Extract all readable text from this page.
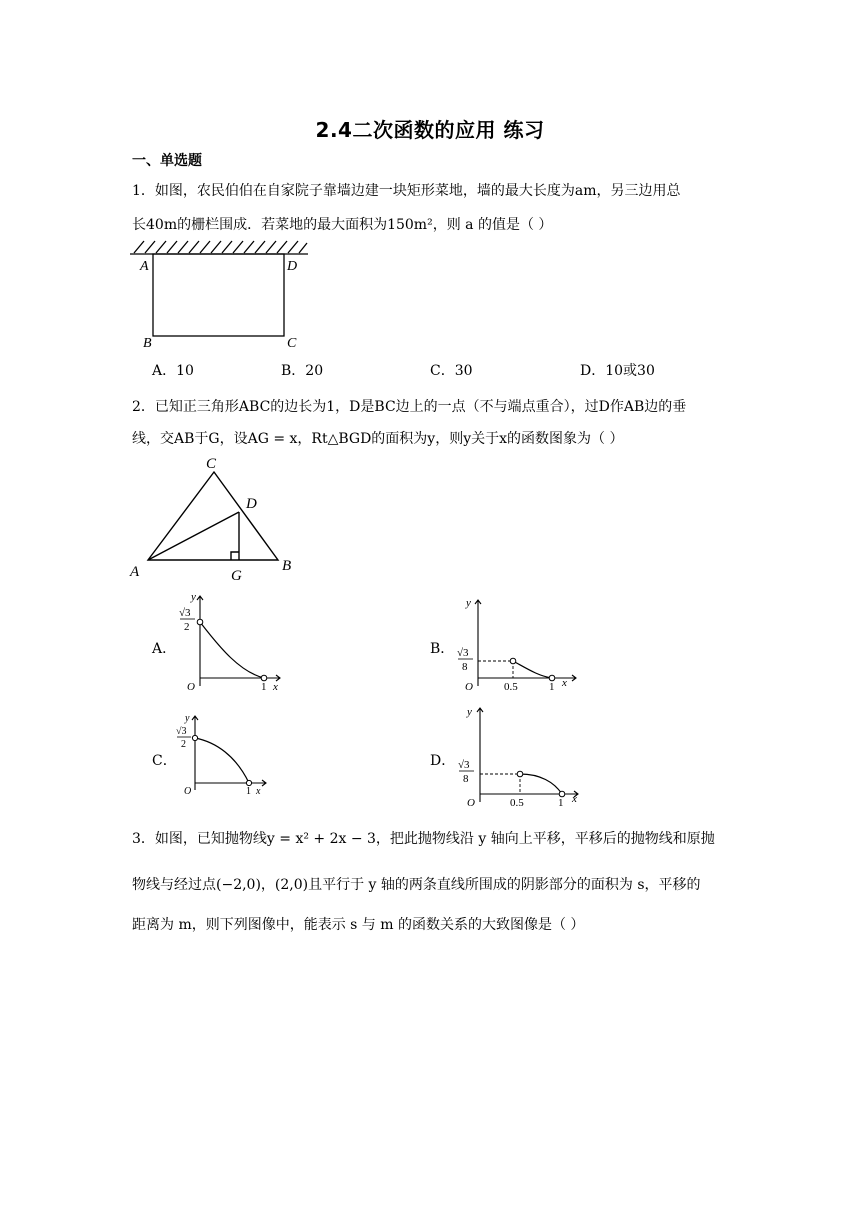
2.4二次函数的应用 练习
一、单选题
1．如图，农民伯伯在自家院子靠墙边建一块矩形菜地，墙的最大长度为am，另三边用总
长40m的栅栏围成．若菜地的最大面积为150m²，则 a 的值是（ ）
A	D
B	C
A．10	B．20	C．30	D．10或30
2．已知正三角形ABC的边长为1，D是BC边上的一点（不与端点重合），过D作AB边的垂
线，交AB于G，设AG = x，Rt△BGD的面积为y，则y关于x的函数图象为（ ）
C
D
A	G
B
A．
y
√3
2
O	1 x
B．
y
√3
8
O	0.5	1 x
C．
y
√3
2
O	1 x
D．
y
√3
8
O	0.5	1 x
3．如图，已知抛物线y = x² + 2x − 3，把此抛物线沿 y 轴向上平移，平移后的抛物线和原抛
物线与经过点(−2,0)，(2,0)且平行于 y 轴的两条直线所围成的阴影部分的面积为 s，平移的
距离为 m，则下列图像中，能表示 s 与 m 的函数关系的大致图像是（ ）
